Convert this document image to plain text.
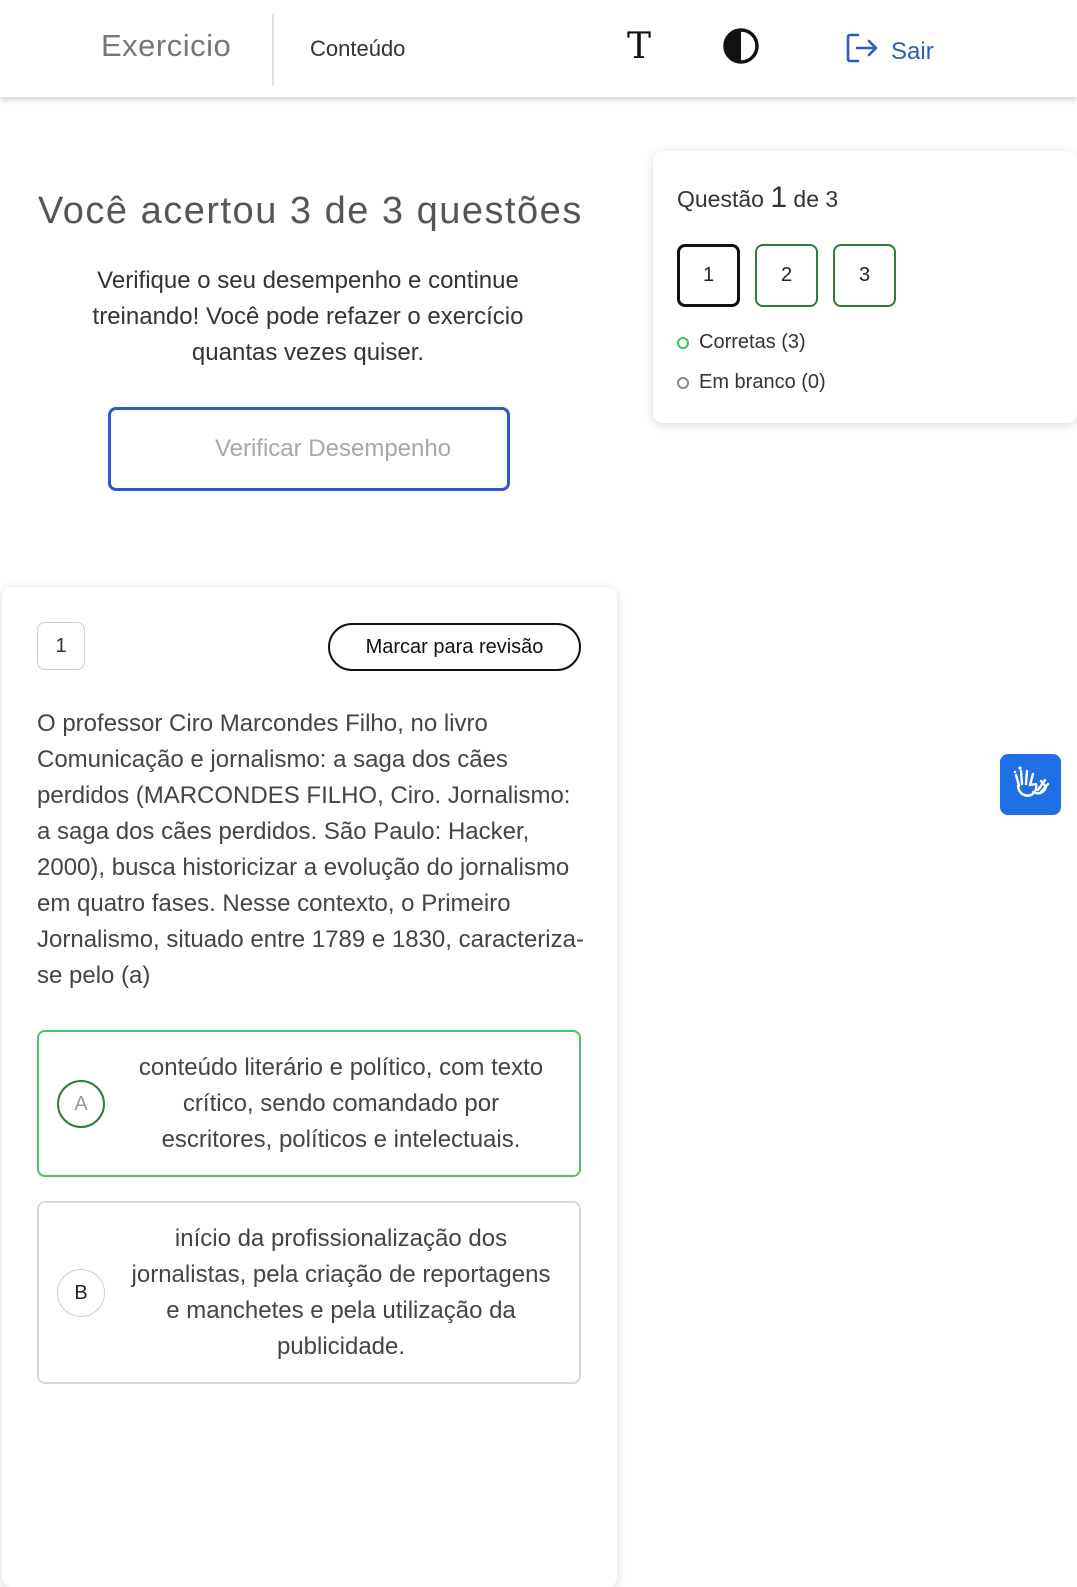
Exercicio	Conteúdo	T	Sair
Você acertou 3 de 3 questões
Verifique o seu desempenho e continue treinando! Você pode refazer o exercício quantas vezes quiser.
Verificar Desempenho
Questão 1 de 3
1	2	3
Corretas (3)
Em branco (0)
1	Marcar para revisão
O professor Ciro Marcondes Filho, no livro Comunicação e jornalismo: a saga dos cães perdidos (MARCONDES FILHO, Ciro. Jornalismo: a saga dos cães perdidos. São Paulo: Hacker, 2000), busca historicizar a evolução do jornalismo em quatro fases. Nesse contexto, o Primeiro Jornalismo, situado entre 1789 e 1830, caracteriza-se pelo (a)
A
conteúdo literário e político, com texto crítico, sendo comandado por escritores, políticos e intelectuais.
B
início da profissionalização dos jornalistas, pela criação de reportagens e manchetes e pela utilização da publicidade.
